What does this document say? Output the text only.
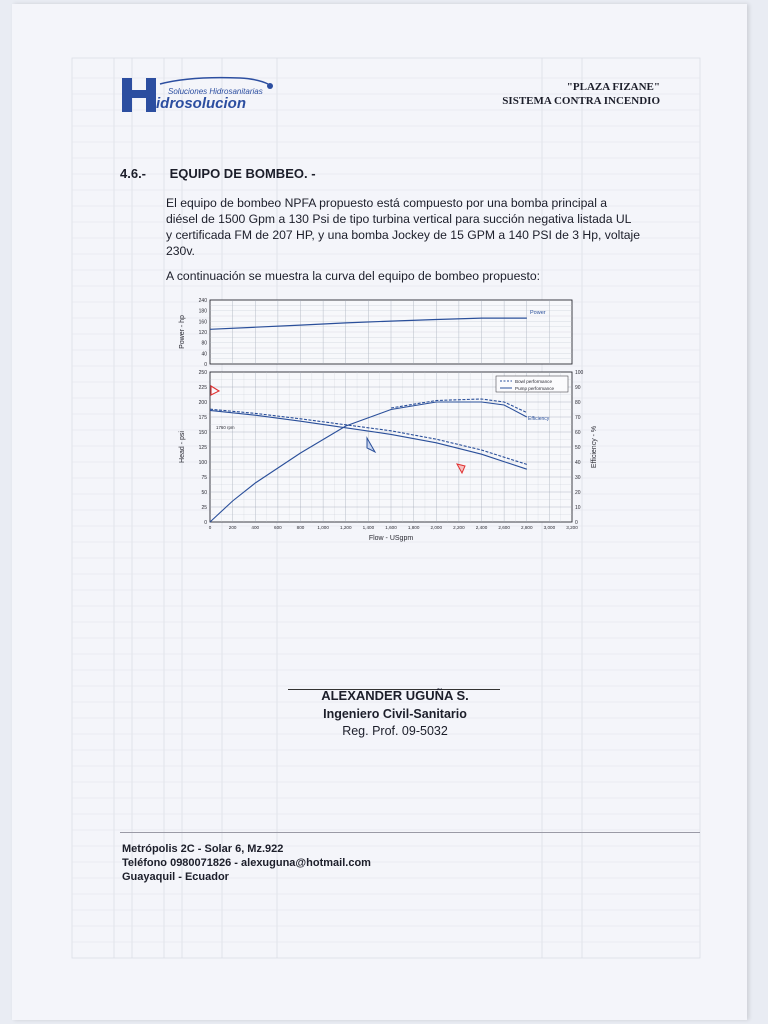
Soluciones Hidrosanitarias
idrosolucion
"PLAZA FIZANE"
SISTEMA CONTRA INCENDIO
4.6.- EQUIPO DE BOMBEO. -
El equipo de bombeo NPFA propuesto está compuesto por una bomba principal a
diésel de 1500 Gpm a 130 Psi de tipo turbina vertical para succión negativa listada UL
y certificada FM de 207 HP, y una bomba Jockey de 15 GPM a 140 PSI de 3 Hp, voltaje
230v.
A continuación se muestra la curva del equipo de bombeo propuesto:
240
180
160
120
80
40
0
Power - hp
Power
250
225
200
175
150
125
100
75
50
25
0
100
90
80
70
60
50
40
30
20
10
0
0	200	400	600	800	1,000 1,200 1,400 1,600 1,800 2,000 2,200 2,400 2,600 2,800 3,000 3,200
Head - psi	Efficiency - %
Flow - USgpm
Bowl performance
Pump performance
Efficiency
1760 rpm
ALEXANDER UGUÑA S.
Ingeniero Civil-Sanitario
Reg. Prof. 09-5032
Metrópolis 2C - Solar 6, Mz.922
Teléfono 0980071826 - alexuguna@hotmail.com
Guayaquil - Ecuador
